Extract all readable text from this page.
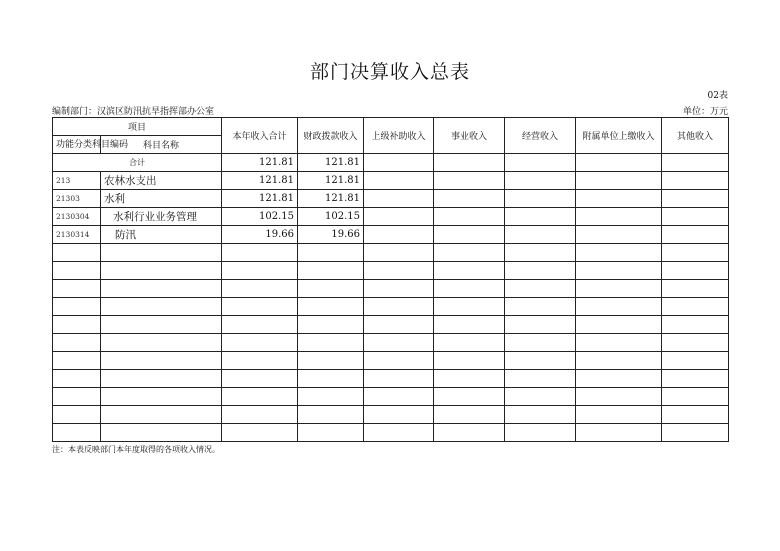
部门决算收入总表
02表
编制部门：汉滨区防汛抗旱指挥部办公室	单位：万元
项目		本年收入合计	财政拨款收入	上级补助收入	事业收入	经营收入	附属单位上缴收入	其他收入
功能分类科目编码	科目名称							
合计		121.81	121.81					
213	农林水支出	121.81	121.81					
21303	水利	121.81	121.81					
2130304	水利行业业务管理	102.15	102.15					
2130314	防汛	19.66	19.66					

注：本表反映部门本年度取得的各项收入情况。
